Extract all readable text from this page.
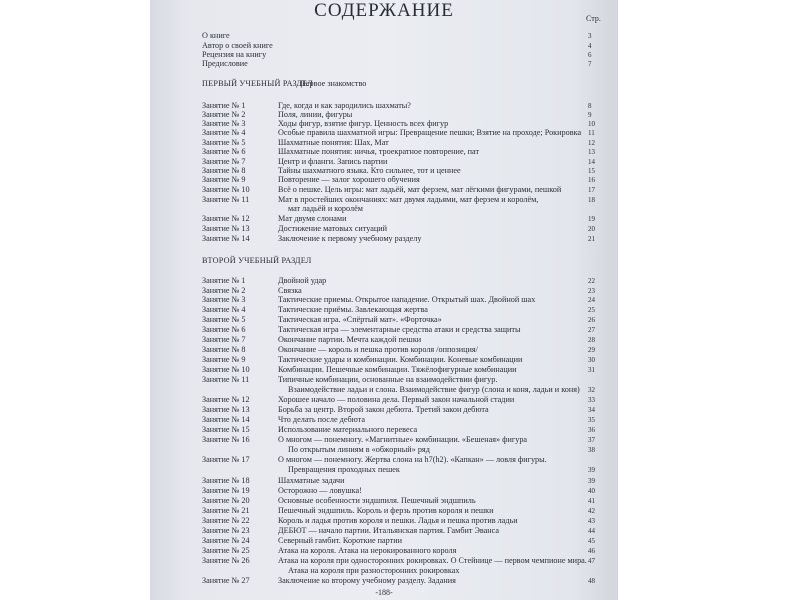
СОДЕРЖАНИЕ	Стр.
О книге	3
Автор о своей книге	4
Рецензия на книгу	6
Предисловие	7
ПЕРВЫЙ УЧЕБНЫЙ РАЗДЕЛ
Первое знакомство
Занятие № 1	Где, когда и как зародились шахматы?	8
Занятие № 2	Поля, линии, фигуры	9
Занятие № 3	Ходы фигур, взятие фигур. Ценность всех фигур	10
Занятие № 4	Особые правила шахматной игры: Превращение пешки; Взятие на проходе; Рокировка 11
Занятие № 5	Шахматные понятия: Шах, Мат	12
Занятие № 6	Шахматные понятия: ничья, троекратное повторение, пат	13
Занятие № 7	Центр и фланги. Запись партии	14
Занятие № 8	Тайны шахматного языка. Кто сильнее, тот и ценнее	15
Занятие № 9	Повторение — залог хорошего обучения	16
Занятие № 10	Всё о пешке. Цель игры: мат ладьёй, мат ферзем, мат лёгкими фигурами, пешкой	17
Занятие № 11	Мат в простейших окончаниях: мат двумя ладьями, мат ферзем и королём,	18
мат ладьёй и королём
Занятие № 12	Мат двумя слонами	19
Занятие № 13	Достижение матовых ситуаций	20
Занятие № 14	Заключение к первому учебному разделу	21
ВТОРОЙ УЧЕБНЫЙ РАЗДЕЛ
Занятие № 1	Двойной удар	22
Занятие № 2	Связка	23
Занятие № 3	Тактические приемы. Открытое нападение. Открытый шах. Двойной шах	24
Занятие № 4	Тактические приёмы. Завлекающая жертва	25
Занятие № 5	Тактическая игра. «Спёртый мат». «Форточка»	26
Занятие № 6	Тактическая игра — элементарные средства атаки и средства защиты	27
Занятие № 7	Окончание партии. Мечта каждой пешки	28
Занятие № 8	Окончание — король и пешка против короля /оппозиция/	29
Занятие № 9	Тактические удары и комбинации. Комбинации. Коневые комбинации	30
Занятие № 10	Комбинации. Пешечные комбинации. Тяжёлофигурные комбинации	31
Занятие № 11	Типичные комбинации, основанные на взаимодействии фигур.
Взаимодействие ладьи и слона. Взаимодействие фигур (слона и коня, ладьи и коня) 32
Занятие № 12	Хорошее начало — половина дела. Первый закон начальной стадии	33
Занятие № 13	Борьба за центр. Второй закон дебюта. Третий закон дебюта	34
Занятие № 14	Что делать после дебюта	35
Занятие № 15	Использование материального перевеса	36
Занятие № 16	О многом — понемногу. «Магнитные» комбинации. «Бешеная» фигура	37
По открытым линиям в «обжорный» ряд	38
Занятие № 17	О многом — понемногу. Жертва слона на h7(h2). «Капкан» — ловля фигуры.
Превращения проходных пешек	39
Занятие № 18	Шахматные задачи	39
Занятие № 19	Осторожно — ловушка!	40
Занятие № 20	Основные особенности эндшпиля. Пешечный эндшпиль	41
Занятие № 21	Пешечный эндшпиль. Король и ферзь против короля и пешки	42
Занятие № 22	Король и ладья против короля и пешки. Ладья и пешка против ладьи	43
Занятие № 23	ДЕБЮТ — начало партии. Итальянская партия. Гамбит Эванса	44
Занятие № 24	Северный гамбит. Короткие партии	45
Занятие № 25	Атака на короля. Атака на нерокированного короля	46
Занятие № 26	Атака на короля при односторонних рокировках. О Стейнице — первом чемпионе мира. 47
Атака на короля при разносторонних рокировках
Занятие № 27	Заключение ко второму учебному разделу. Задания	48
-188-
